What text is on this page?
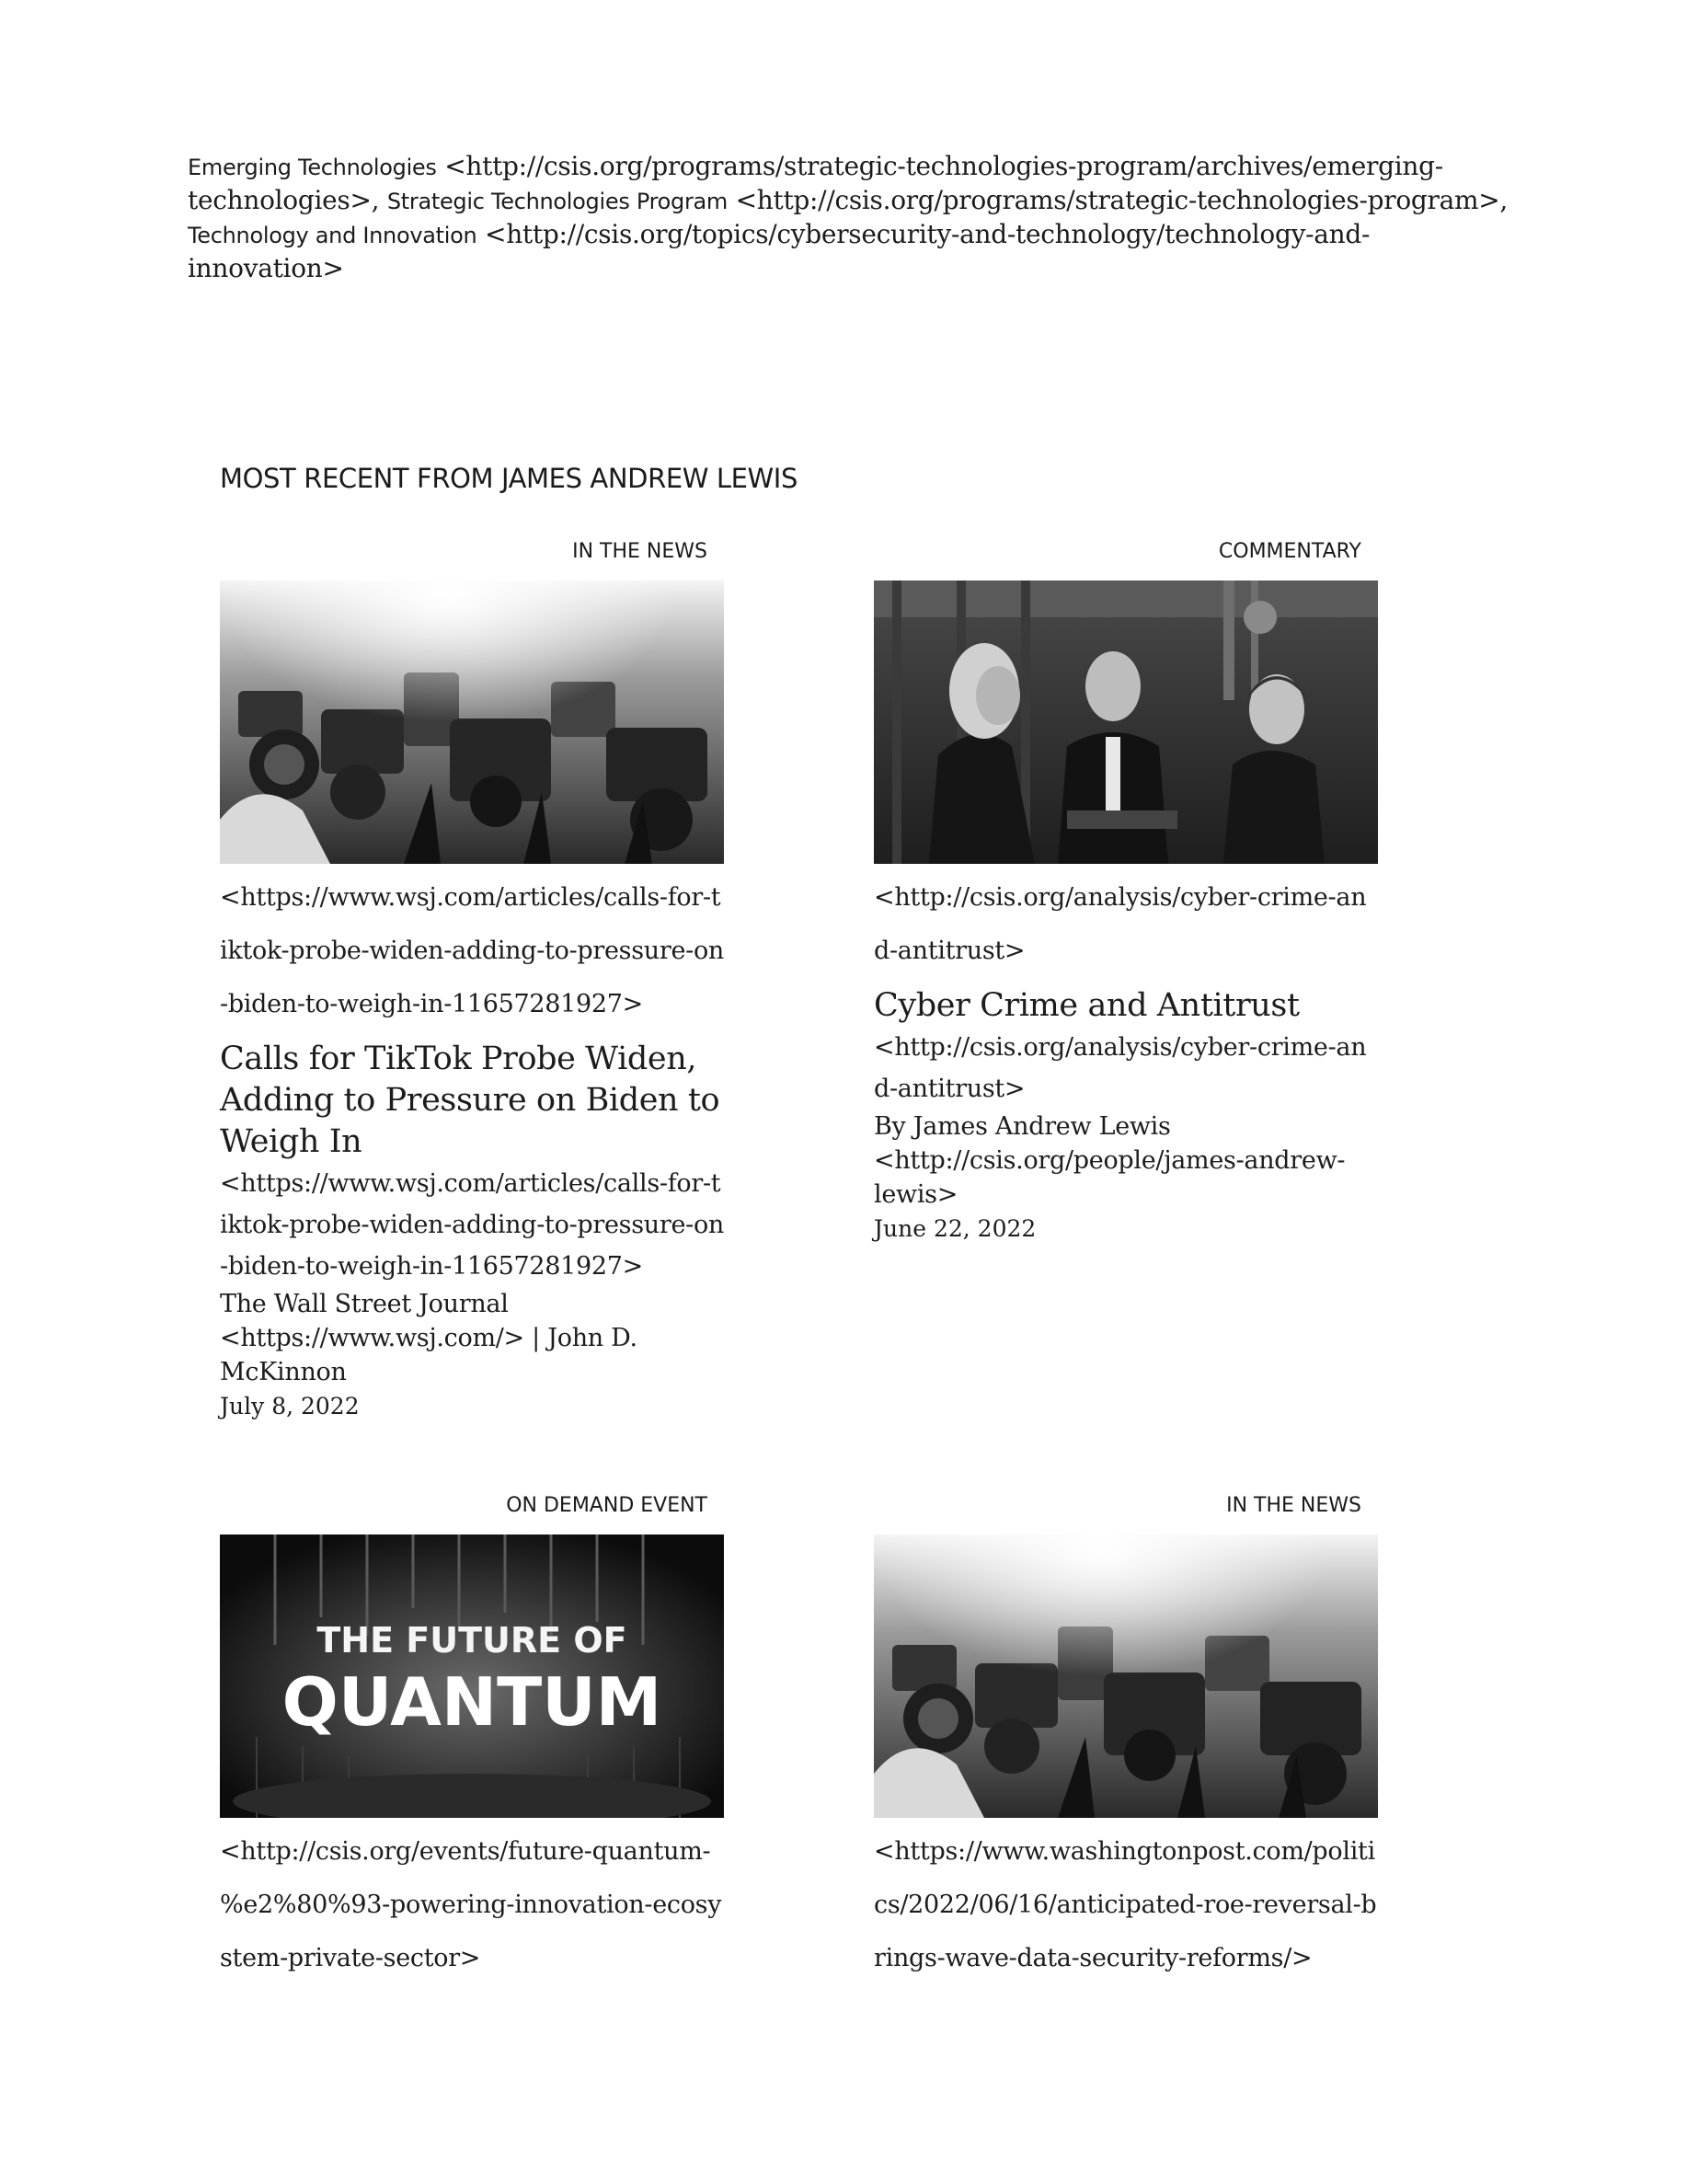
Emerging Technologies <http://csis.org/programs/strategic-technologies-program/archives/emerging-technologies>, Strategic Technologies Program <http://csis.org/programs/strategic-technologies-program>,
Technology and Innovation <http://csis.org/topics/cybersecurity-and-technology/technology-and-innovation>
MOST RECENT FROM JAMES ANDREW LEWIS
IN THE NEWS
<https://www.wsj.com/articles/calls-for-tiktok-probe-widen-adding-to-pressure-on-biden-to-weigh-in-11657281927>
Calls for TikTok Probe Widen, Adding to Pressure on Biden to Weigh In
<https://www.wsj.com/articles/calls-for-tiktok-probe-widen-adding-to-pressure-on-biden-to-weigh-in-11657281927>
The Wall Street Journal
<https://www.wsj.com/> | John D. McKinnon
July 8, 2022
COMMENTARY
<http://csis.org/analysis/cyber-crime-and-antitrust>
Cyber Crime and Antitrust
<http://csis.org/analysis/cyber-crime-and-antitrust>
By James Andrew Lewis
<http://csis.org/people/james-andrew-lewis>
June 22, 2022
ON DEMAND EVENT
THE FUTURE OF
QUANTUM
<http://csis.org/events/future-quantum-%e2%80%93-powering-innovation-ecosystem-private-sector>
IN THE NEWS
<https://www.washingtonpost.com/politics/2022/06/16/anticipated-roe-reversal-brings-wave-data-security-reforms/>
